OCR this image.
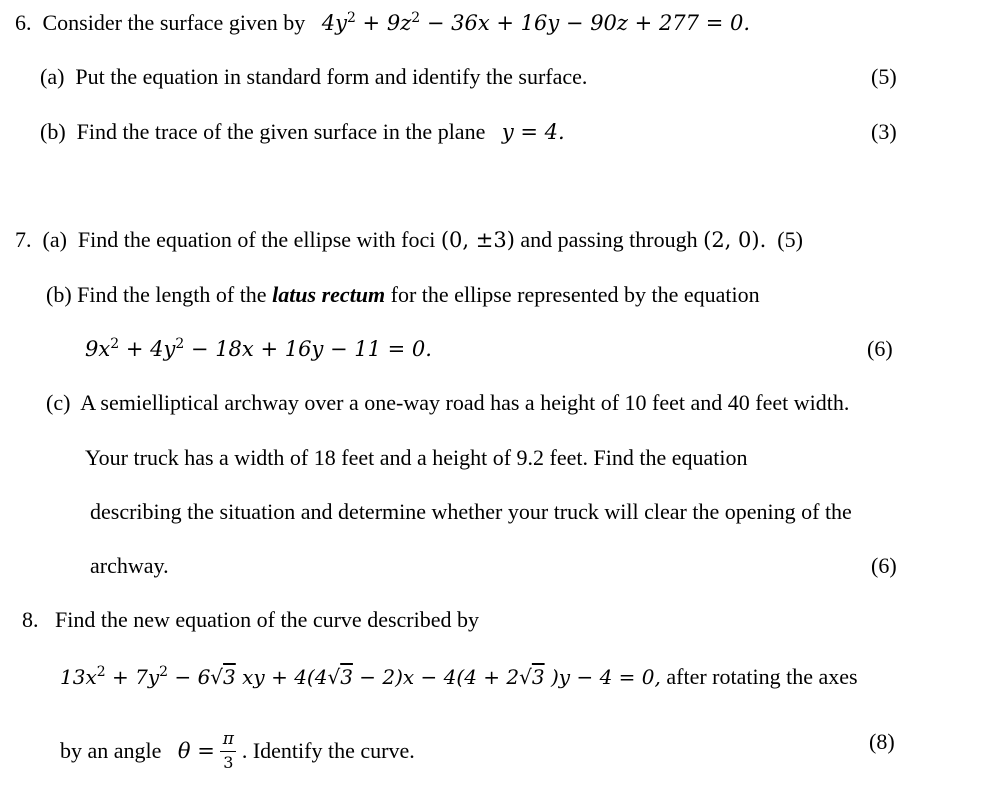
6. Consider the surface given by $4y^2 + 9z^2 - 36x + 16y - 90z + 277 = 0$.
(a) Put the equation in standard form and identify the surface.	(5)
(b) Find the trace of the given surface in the plane y = 4.	(3)
7. (a) Find the equation of the ellipse with foci (0, ±3) and passing through (2, 0). (5)
(b) Find the length of the latus rectum for the ellipse represented by the equation
$9x^2 + 4y^2 - 18x + 16y - 11 = 0$.	(6)
(c) A semielliptical archway over a one-way road has a height of 10 feet and 40 feet width.
Your truck has a width of 18 feet and a height of 9.2 feet. Find the equation
describing the situation and determine whether your truck will clear the opening of the
archway.	(6)
8. Find the new equation of the curve described by
$13x^2 + 7y^2 - 6√3$ xy + 4(4√3 − 2)x − 4(4 + 2√3 )y − 4 = 0, after rotating the axes
by an angle $\theta = \frac{\pi}{3}$ . Identify the curve.	(8)
